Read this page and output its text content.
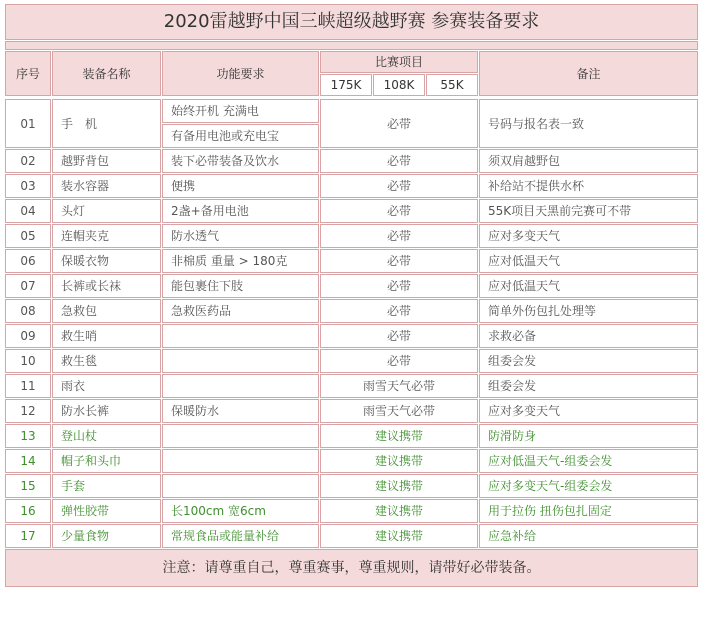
2020雷越野中国三峡超级越野赛 参赛装备要求						

序号	装备名称	功能要求	比赛项目			备注
			175K	108K	55K	

01	手　机	始终开机 充满电	必带			号码与报名表一致
		有备用电池或充电宝				
02	越野背包	装下必带装备及饮水	必带			须双肩越野包
03	装水容器	便携	必带			补给站不提供水杯
04	头灯	2盏+备用电池	必带			55K项目天黑前完赛可不带
05	连帽夹克	防水透气	必带			应对多变天气
06	保暖衣物	非棉质 重量 > 180克	必带			应对低温天气
07	长裤或长袜	能包裹住下肢	必带			应对低温天气
08	急救包	急救医药品	必带			简单外伤包扎处理等
09	救生哨		必带			求救必备
10	救生毯		必带			组委会发
11	雨衣		雨雪天气必带			组委会发
12	防水长裤	保暖防水	雨雪天气必带			应对多变天气
13	登山杖		建议携带			防滑防身
14	帽子和头巾		建议携带			应对低温天气-组委会发
15	手套		建议携带			应对多变天气-组委会发
16	弹性胶带	长100cm 宽6cm	建议携带			用于拉伤 扭伤包扎固定
17	少量食物	常规食品或能量补给	建议携带			应急补给
注意：请尊重自己，尊重赛事，尊重规则，请带好必带装备。						
